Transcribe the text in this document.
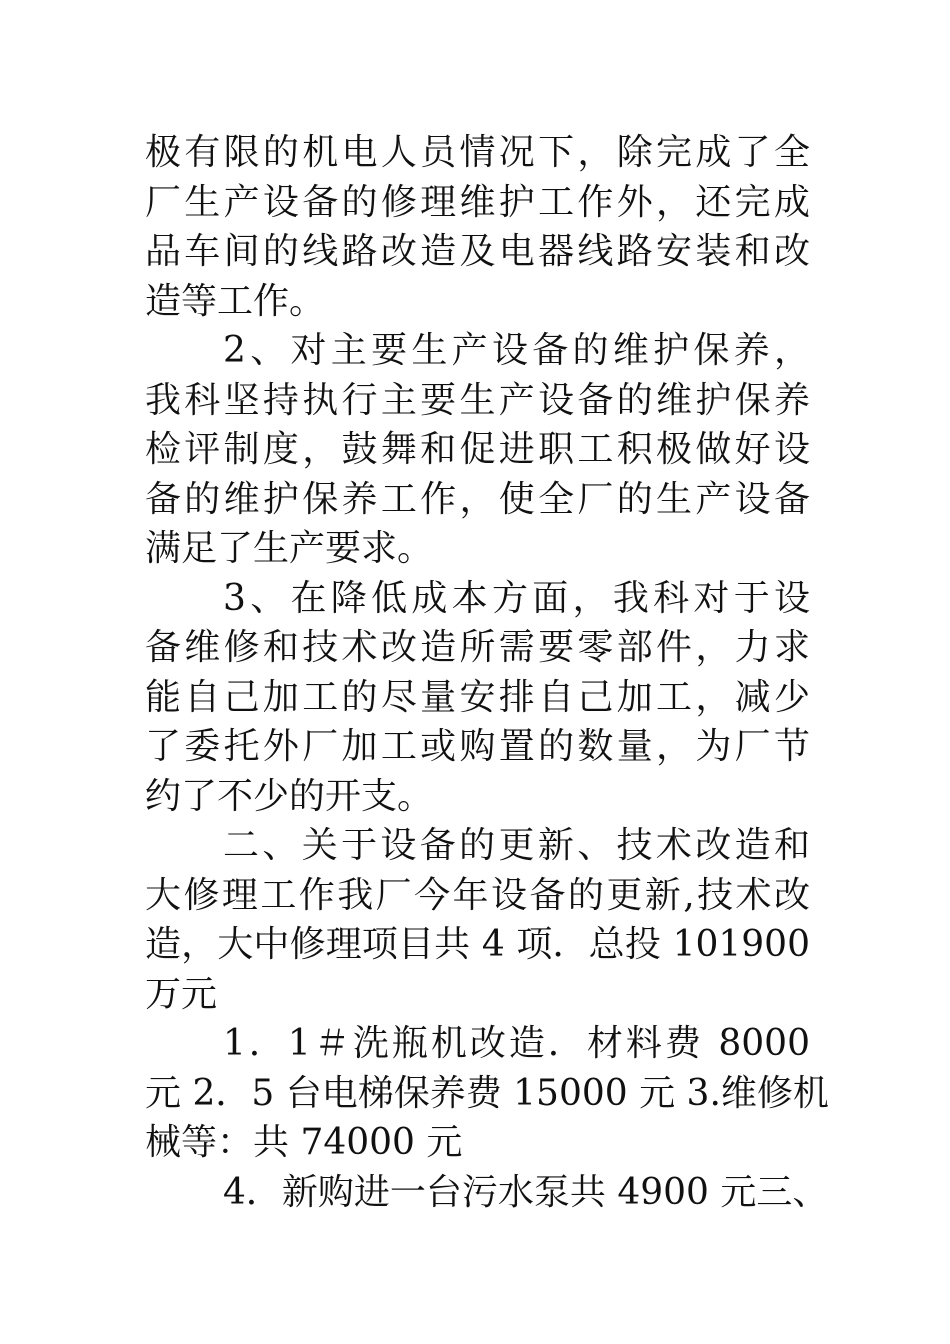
极有限的机电人员情况下，除完成了全
厂生产设备的修理维护工作外，还完成
品车间的线路改造及电器线路安装和改
造等工作。
2、对主要生产设备的维护保养，
我科坚持执行主要生产设备的维护保养
检评制度，鼓舞和促进职工积极做好设
备的维护保养工作，使全厂的生产设备
满足了生产要求。
3、在降低成本方面，我科对于设
备维修和技术改造所需要零部件，力求
能自己加工的尽量安排自己加工，减少
了委托外厂加工或购置的数量，为厂节
约了不少的开支。
二、关于设备的更新、技术改造和
大修理工作我厂今年设备的更新,技术改
造，大中修理项目共 4 项．总投 101900
万元
1．1＃洗瓶机改造．材料费 8000
元 2．5 台电梯保养费 15000 元 3.维修机
械等：共 74000 元
4．新购进一台污水泵共 4900 元三、
